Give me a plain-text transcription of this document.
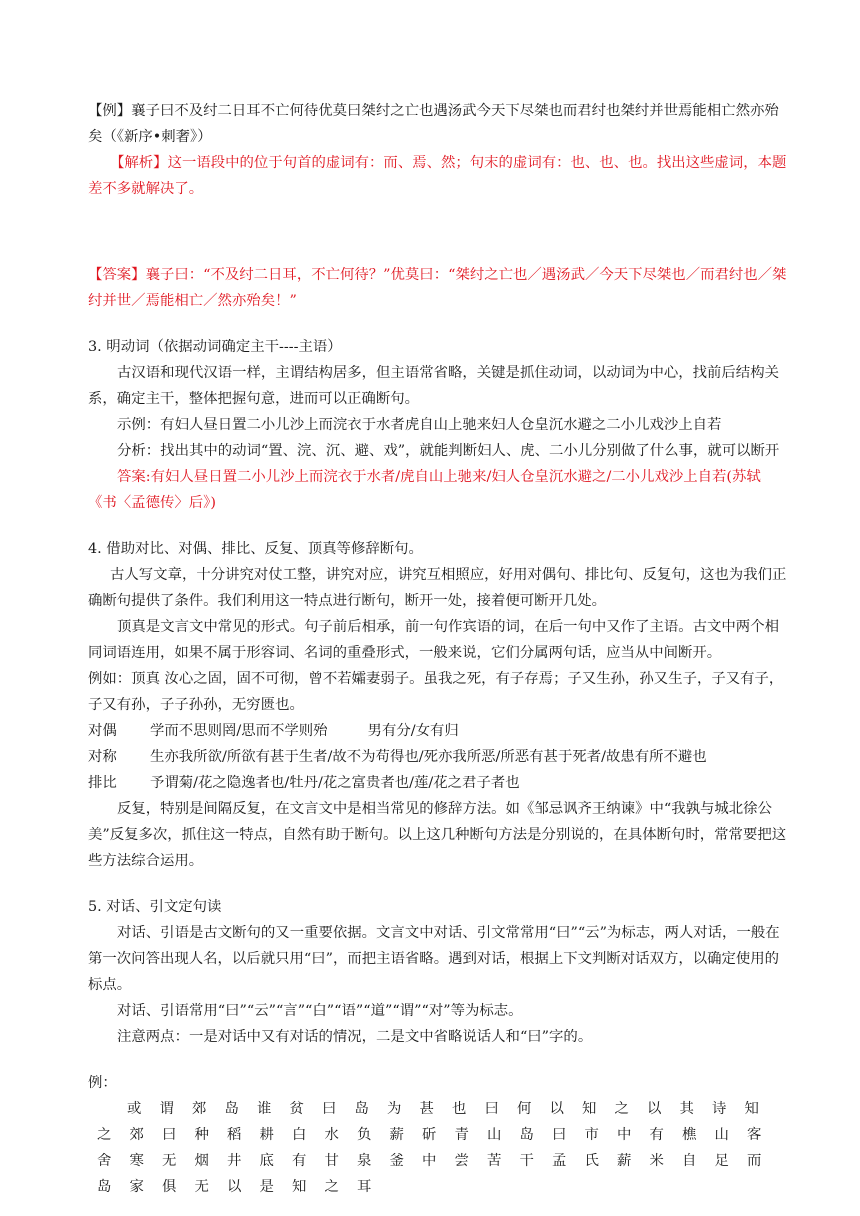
【例】襄子曰不及纣二日耳不亡何待优莫曰桀纣之亡也遇汤武今天下尽桀也而君纣也桀纣并世焉能相亡然亦殆矣（《新序•刺奢》）

【解析】这一语段中的位于句首的虚词有：而、焉、然；句末的虚词有：也、也、也。找出这些虚词，本题差不多就解决了。

【答案】襄子曰：“不及纣二日耳，不亡何待？”优莫曰：“桀纣之亡也／遇汤武／今天下尽桀也／而君纣也／桀纣并世／焉能相亡／然亦殆矣！”

3. 明动词（依据动词确定主干----主语）

古汉语和现代汉语一样，主谓结构居多，但主语常省略，关键是抓住动词，以动词为中心，找前后结构关系，确定主干，整体把握句意，进而可以正确断句。

示例：有妇人昼日置二小儿沙上而浣衣于水者虎自山上驰来妇人仓皇沉水避之二小儿戏沙上自若

分析：找出其中的动词“置、浣、沉、避、戏”，就能判断妇人、虎、二小儿分别做了什么事，就可以断开

答案:有妇人昼日置二小儿沙上而浣衣于水者/虎自山上驰来/妇人仓皇沉水避之/二小儿戏沙上自若(苏轼《书〈孟德传〉后》)

4. 借助对比、对偶、排比、反复、顶真等修辞断句。

古人写文章，十分讲究对仗工整，讲究对应，讲究互相照应，好用对偶句、排比句、反复句，这也为我们正确断句提供了条件。我们利用这一特点进行断句，断开一处，接着便可断开几处。

顶真是文言文中常见的形式。句子前后相承，前一句作宾语的词，在后一句中又作了主语。古文中两个相同词语连用，如果不属于形容词、名词的重叠形式，一般来说，它们分属两句话，应当从中间断开。

例如：顶真 汝心之固，固不可彻，曾不若孀妻弱子。虽我之死，有子存焉；子又生孙，孙又生子，子又有子，子又有孙，子子孙孙，无穷匮也。

对偶	学而不思则罔/思而不学则殆	男有分/女有归
对称	生亦我所欲/所欲有甚于生者/故不为苟得也/死亦我所恶/所恶有甚于死者/故患有所不避也
排比	予谓菊/花之隐逸者也/牡丹/花之富贵者也/莲/花之君子者也

反复，特别是间隔反复，在文言文中是相当常见的修辞方法。如《邹忌讽齐王纳谏》中“我孰与城北徐公美”反复多次，抓住这一特点，自然有助于断句。以上这几种断句方法是分别说的，在具体断句时，常常要把这些方法综合运用。

5. 对话、引文定句读

对话、引语是古文断句的又一重要依据。文言文中对话、引文常常用“曰”“云”为标志，两人对话，一般在第一次问答出现人名，以后就只用“曰”，而把主语省略。遇到对话，根据上下文判断对话双方，以确定使用的标点。

对话、引语常用“曰”“云”“言”“白”“语”“道”“谓”“对”等为标志。

注意两点：一是对话中又有对话的情况，二是文中省略说话人和“曰”字的。

例：

或	谓	郊	岛	谁	贫	曰	岛	为	甚	也	曰	何	以	知	之	以	其	诗	知
之	郊	曰	种	稻	耕	白	水	负	薪	斫	青	山	岛	曰	市	中	有	樵	山	客
舍	寒	无	烟	井	底	有	甘	泉	釜	中	尝	苦	干	孟	氏	薪	米	自	足	而
岛	家	俱	无	以	是	知	之	耳
